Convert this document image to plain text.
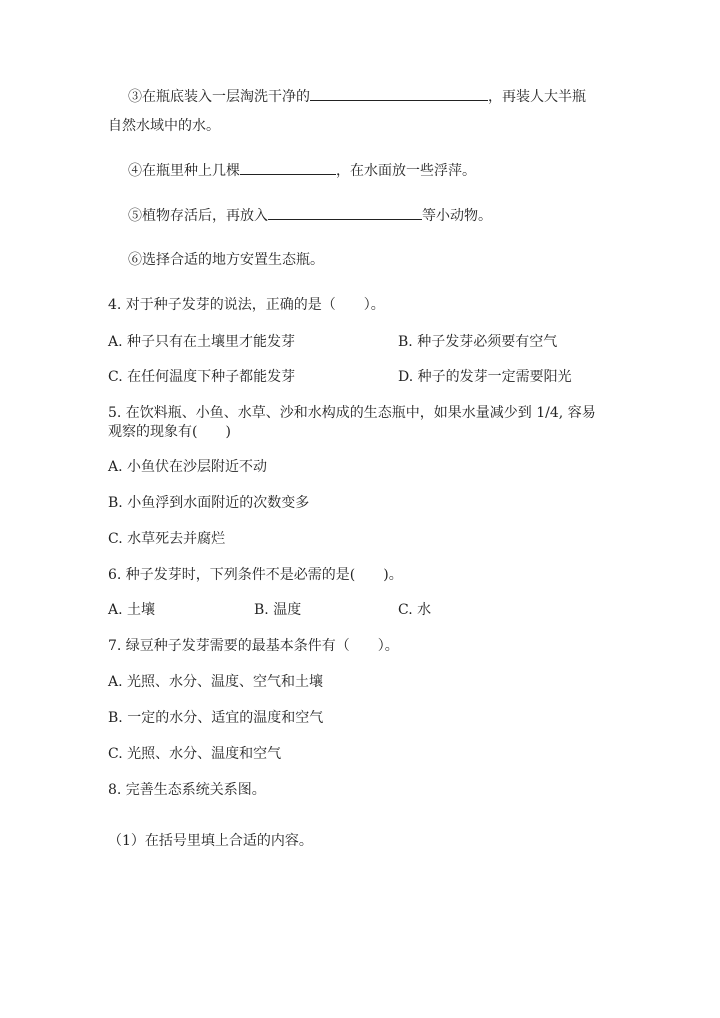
③在瓶底装入一层淘洗干净的	，再装人大半瓶
自然水域中的水。
④在瓶里种上几棵	，在水面放一些浮萍。
⑤植物存活后，再放入	等小动物。
⑥选择合适的地方安置生态瓶。
4. 对于种子发芽的说法，正确的是（　　）。
A. 种子只有在土壤里才能发芽	B. 种子发芽必须要有空气
C. 在任何温度下种子都能发芽	D. 种子的发芽一定需要阳光
5. 在饮料瓶、小鱼、水草、沙和水构成的生态瓶中，如果水量减少到 1/4, 容易
观察的现象有(　　)
A. 小鱼伏在沙层附近不动
B. 小鱼浮到水面附近的次数变多
C. 水草死去并腐烂
6. 种子发芽时，下列条件不是必需的是(　　)。
A. 土壤	B. 温度	C. 水
7. 绿豆种子发芽需要的最基本条件有（　　）。
A. 光照、水分、温度、空气和土壤
B. 一定的水分、适宜的温度和空气
C. 光照、水分、温度和空气
8. 完善生态系统关系图。
（1）在括号里填上合适的内容。
